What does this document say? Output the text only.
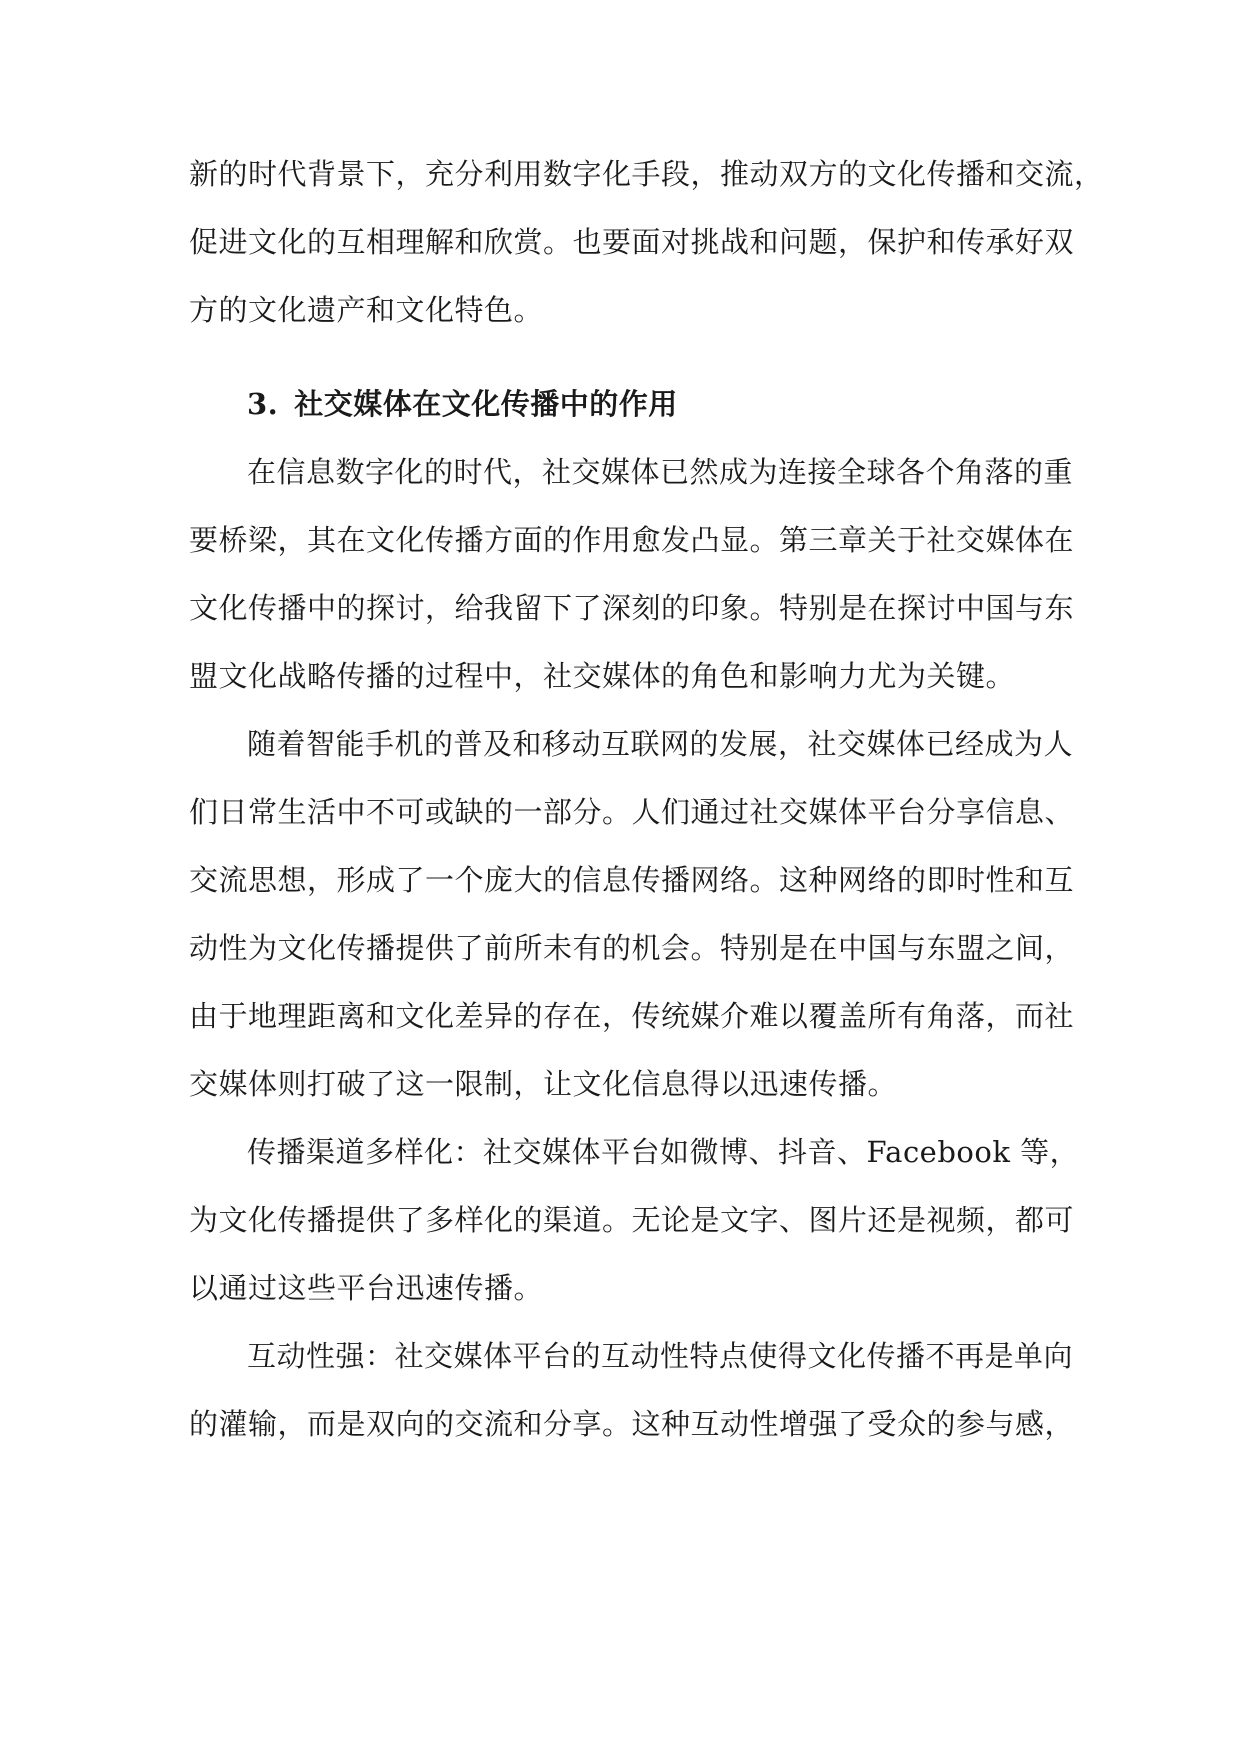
新的时代背景下，充分利用数字化手段，推动双方的文化传播和交流，
促进文化的互相理解和欣赏。也要面对挑战和问题，保护和传承好双
方的文化遗产和文化特色。
3. 社交媒体在文化传播中的作用
在信息数字化的时代，社交媒体已然成为连接全球各个角落的重
要桥梁，其在文化传播方面的作用愈发凸显。第三章关于社交媒体在
文化传播中的探讨，给我留下了深刻的印象。特别是在探讨中国与东
盟文化战略传播的过程中，社交媒体的角色和影响力尤为关键。
随着智能手机的普及和移动互联网的发展，社交媒体已经成为人
们日常生活中不可或缺的一部分。人们通过社交媒体平台分享信息、
交流思想，形成了一个庞大的信息传播网络。这种网络的即时性和互
动性为文化传播提供了前所未有的机会。特别是在中国与东盟之间，
由于地理距离和文化差异的存在，传统媒介难以覆盖所有角落，而社
交媒体则打破了这一限制，让文化信息得以迅速传播。
传播渠道多样化：社交媒体平台如微博、抖音、Facebook 等，
为文化传播提供了多样化的渠道。无论是文字、图片还是视频，都可
以通过这些平台迅速传播。
互动性强：社交媒体平台的互动性特点使得文化传播不再是单向
的灌输，而是双向的交流和分享。这种互动性增强了受众的参与感，
